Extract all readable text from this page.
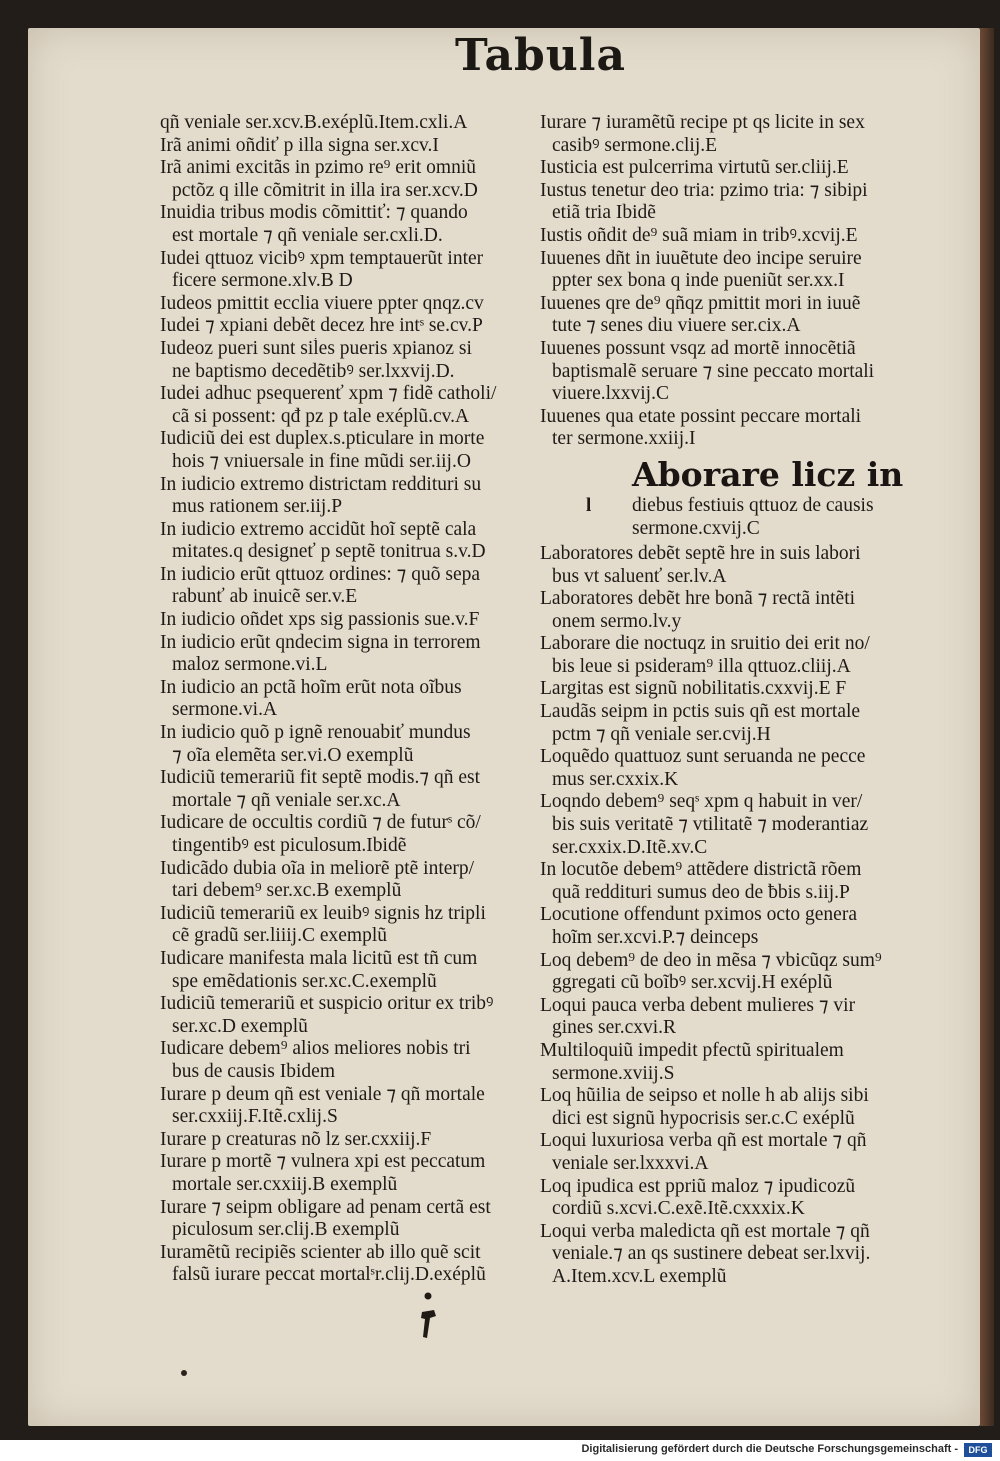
Tabula

qñ veniale ser.xcv.B.exéplũ.Item.cxli.A

Irã animi oñdiť p illa signa ser.xcv.I

Irã animi excitãs in pzimo re⁹ erit omniũ
pctõz q ille cõmitrit in illa ira ser.xcv.D

Inuidia tribus modis cõmittiť: ⁊ quando
est mortale ⁊ qñ veniale ser.cxli.D.

Iudei qttuoz vicibꝰ xpm temptauerũt inter
ficere sermone.xlv.B D

Iudeos pmittit ecclia viuere ppter qnqz.cv

Iudei ⁊ xpiani debẽt decez hre intˢ se.cv.P

Iudeoz pueri sunt siĺes pueris xpianoz si
ne baptismo decedẽtibꝰ ser.lxxvij.D.

Iudei adhuc psequerenť xpm ⁊ fidẽ catholi/
cã si possent: qđ pz p tale exéplũ.cv.A

Iudiciũ dei est duplex.s.pticulare in morte
hois ⁊ vniuersale in fine mũdi ser.iij.O

In iudicio extremo districtam reddituri su
mus rationem ser.iij.P

In iudicio extremo accidũt hoĩ septẽ cala
mitates.q designeť p septẽ tonitrua s.v.D

In iudicio erũt qttuoz ordines: ⁊ quõ sepa
rabunť ab inuicẽ ser.v.E

In iudicio oñdet xps sig passionis sue.v.F

In iudicio erũt qndecim signa in terrorem
maloz sermone.vi.L

In iudicio an pctã hoĩm erũt nota oĩbus
sermone.vi.A

In iudicio quõ p ignẽ renouabiť mundus
⁊ oĩa elemẽta ser.vi.O exemplũ

Iudiciũ temerariũ fit septẽ modis.⁊ qñ est
mortale ⁊ qñ veniale ser.xc.A

Iudicare de occultis cordiũ ⁊ de futurˢ cõ/
tingentibꝰ est piculosum.Ibidẽ

Iudicãdo dubia oĩa in meliorẽ ptẽ interp/
tari debem⁹ ser.xc.B exemplũ

Iudiciũ temerariũ ex leuibꝰ signis hz tripli
cẽ gradũ ser.liiij.C exemplũ

Iudicare manifesta mala licitũ est tñ cum
spe emẽdationis ser.xc.C.exemplũ

Iudiciũ temerariũ et suspicio oritur ex tribꝰ
ser.xc.D exemplũ

Iudicare debem⁹ alios meliores nobis tri
bus de causis Ibidem

Iurare p deum qñ est veniale ⁊ qñ mortale
ser.cxxiij.F.Itẽ.cxlij.S

Iurare p creaturas nõ lz ser.cxxiij.F

Iurare p mortẽ ⁊ vulnera xpi est peccatum
mortale ser.cxxiij.B exemplũ

Iurare ⁊ seipm obligare ad penam certã est
piculosum ser.clij.B exemplũ

Iuramẽtũ recipiẽs scienter ab illo quẽ scit
falsũ iurare peccat mortalˢr.clij.D.exéplũ

Iurare ⁊ iuramẽtũ recipe pt qs licite in sex
casibꝰ sermone.clij.E

Iusticia est pulcerrima virtutũ ser.cliij.E

Iustus tenetur deo tria: pzimo tria: ⁊ sibipi
etiã tria Ibidẽ

Iustis oñdit de⁹ suã miam in tribꝰ.xcvij.E

Iuuenes dñt in iuuẽtute deo incipe seruire
ppter sex bona q inde pueniũt ser.xx.I

Iuuenes qre de⁹ qñqz pmittit mori in iuuẽ
tute ⁊ senes diu viuere ser.cix.A

Iuuenes possunt vsqz ad mortẽ innocẽtiã
baptismalẽ seruare ⁊ sine peccato mortali
viuere.lxxvij.C

Iuuenes qua etate possint peccare mortali
ter sermone.xxiij.I

Aborare licz in
l diebus festiuis qttuoz de causis
sermone.cxvij.C

Laboratores debẽt septẽ hre in suis labori
bus vt saluenť ser.lv.A

Laboratores debẽt hre bonã ⁊ rectã intẽti
onem sermo.lv.y

Laborare die noctuqz in sruitio dei erit no/
bis leue si psideram⁹ illa qttuoz.cliij.A

Largitas est signũ nobilitatis.cxxvij.E F

Laudãs seipm in pctis suis qñ est mortale
pctm ⁊ qñ veniale ser.cvij.H

Loquẽdo quattuoz sunt seruanda ne pecce
mus ser.cxxix.K

Loqndo debem⁹ seqˢ xpm q habuit in ver/
bis suis veritatẽ ⁊ vtilitatẽ ⁊ moderantiaz
ser.cxxix.D.Itẽ.xv.C

In locutõe debem⁹ attẽdere districtã rõem
quã reddituri sumus deo de ƀbis s.iij.P

Locutione offendunt pximos octo genera
hoĩm ser.xcvi.P.⁊ deinceps

Loq debem⁹ de deo in mẽsa ⁊ vbicũqz sum⁹
ggregati cũ boĩbꝰ ser.xcvij.H exéplũ

Loqui pauca verba debent mulieres ⁊ vir
gines ser.cxvi.R

Multiloquiũ impedit pfectũ spiritualem
sermone.xviij.S

Loq hũilia de seipso et nolle h ab alijs sibi
dici est signũ hypocrisis ser.c.C exéplũ

Loqui luxuriosa verba qñ est mortale ⁊ qñ
veniale ser.lxxxvi.A

Loq ipudica est ppriũ maloz ⁊ ipudicozũ
cordiũ s.xcvi.C.exẽ.Itẽ.cxxxix.K

Loqui verba maledicta qñ est mortale ⁊ qñ
veniale.⁊ an qs sustinere debeat ser.lxvij.
A.Item.xcv.L exemplũ

Digitalisierung gefördert durch die Deutsche Forschungsgemeinschaft -	DFG
